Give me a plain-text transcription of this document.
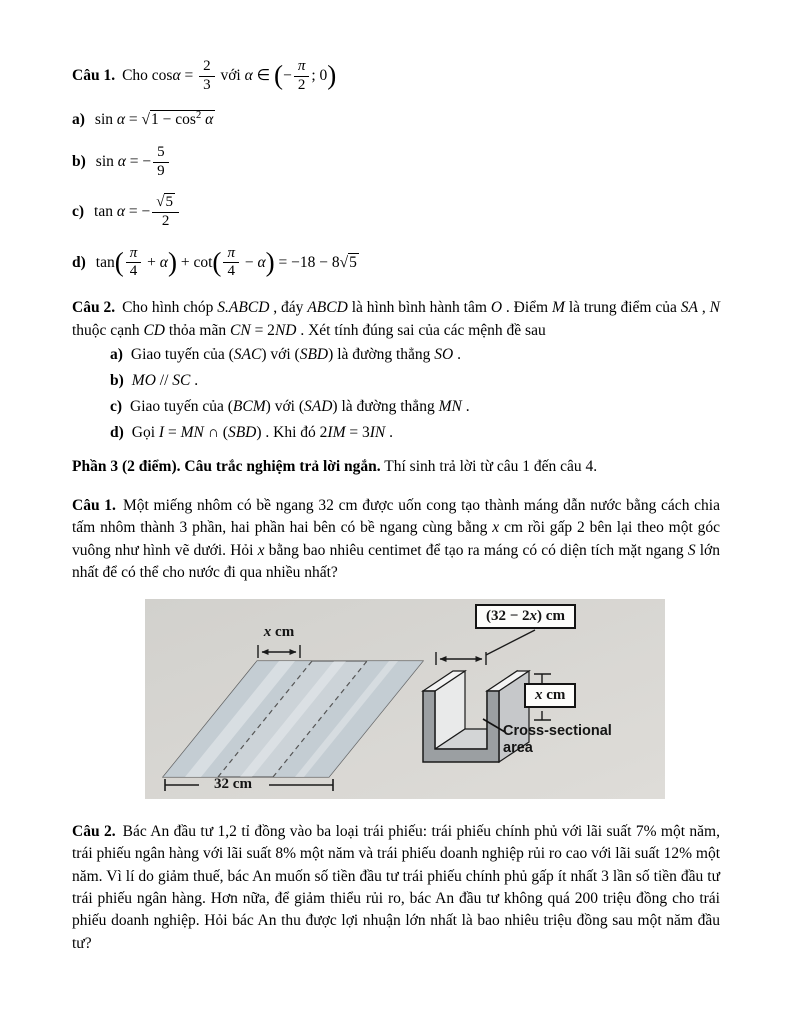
Câu 1. Cho $\cos\alpha = \frac{2}{3}$ với α ∈ (− $\frac{\pi}{2}$ ; 0)

a) sin α = √ $1 - \cos^2 \alpha$

b) sin α = − $\frac{5}{9}$

c) tan α = − √ $\frac{5}{2}$

d) $\tan( \frac{\pi}{4} + \alpha) + \cot( \frac{\pi}{4} - \alpha) = -18 - 8$ √ 5

Câu 2. Cho hình chóp S.ABCD , đáy ABCD là hình bình hành tâm O . Điểm M là trung điểm của SA , N thuộc cạnh CD thỏa mãn CN = 2ND . Xét tính đúng sai của các mệnh đề sau

a) Giao tuyến của (SAC) với (SBD) là đường thẳng SO .

b) MO // SC .

c) Giao tuyến của (BCM) với (SAD) là đường thẳng MN .

d) Gọi I = MN ∩ (SBD) . Khi đó 2IM = 3IN .

Phần 3 (2 điểm). Câu trắc nghiệm trả lời ngắn. Thí sinh trả lời từ câu 1 đến câu 4.

Câu 1. Một miếng nhôm có bề ngang 32 cm được uốn cong tạo thành máng dẫn nước bằng cách chia tấm nhôm thành 3 phần, hai phần hai bên có bề ngang cùng bằng x cm rồi gấp 2 bên lại theo một góc vuông như hình vẽ dưới. Hỏi x bằng bao nhiêu centimet để tạo ra máng có có diện tích mặt ngang S lớn nhất để có thể cho nước đi qua nhiều nhất?

x cm
32 cm
(32 − 2x) cm
x cm
Cross-sectional area

Câu 2. Bác An đầu tư 1,2 tỉ đồng vào ba loại trái phiếu: trái phiếu chính phủ với lãi suất 7% một năm, trái phiếu ngân hàng với lãi suất 8% một năm và trái phiếu doanh nghiệp rủi ro cao với lãi suất 12% một năm. Vì lí do giảm thuế, bác An muốn số tiền đầu tư trái phiếu chính phủ gấp ít nhất 3 lần số tiền đầu tư trái phiếu ngân hàng. Hơn nữa, để giảm thiểu rủi ro, bác An đầu tư không quá 200 triệu đồng cho trái phiếu doanh nghiệp. Hỏi bác An thu được lợi nhuận lớn nhất là bao nhiêu triệu đồng sau một năm đầu tư?
